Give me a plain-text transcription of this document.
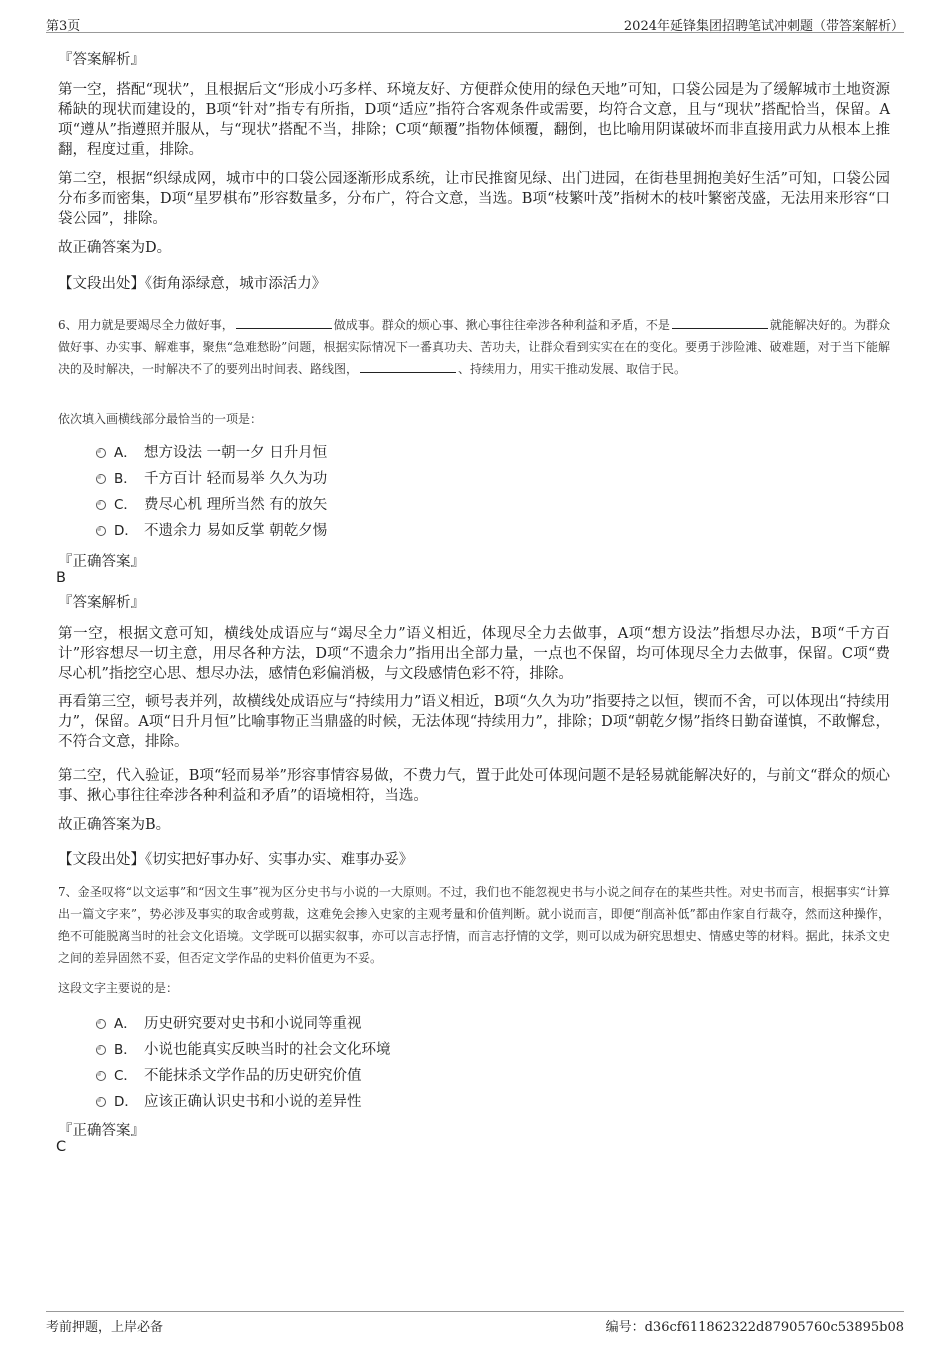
第3页	2024年延锋集团招聘笔试冲刺题（带答案解析）
『答案解析』
第一空，搭配“现状”，且根据后文“形成小巧多样、环境友好、方便群众使用的绿色天地”可知，口袋公园是为了缓解城市土地资源稀缺的现状而建设的，B项“针对”指专有所指，D项“适应”指符合客观条件或需要，均符合文意，且与“现状”搭配恰当，保留。A项“遵从”指遵照并服从，与“现状”搭配不当，排除；C项“颠覆”指物体倾覆，翻倒，也比喻用阴谋破坏而非直接用武力从根本上推翻，程度过重，排除。
第二空，根据“织绿成网，城市中的口袋公园逐渐形成系统，让市民推窗见绿、出门进园，在街巷里拥抱美好生活”可知，口袋公园分布多而密集，D项“星罗棋布”形容数量多，分布广，符合文意，当选。B项“枝繁叶茂”指树木的枝叶繁密茂盛，无法用来形容“口袋公园”，排除。
故正确答案为D。
【文段出处】《街角添绿意，城市添活力》
6、用力就是要竭尽全力做好事，	做成事。群众的烦心事、揪心事往往牵涉各种利益和矛盾，不是	就能解决好的。为群众做好事、办实事、解难事，聚焦“急难愁盼”问题，根据实际情况下一番真功夫、苦功夫，让群众看到实实在在的变化。要勇于涉险滩、破难题，对于当下能解决的及时解决，一时解决不了的要列出时间表、路线图，	、持续用力，用实干推动发展、取信于民。
依次填入画横线部分最恰当的一项是：
A． 想方设法 一朝一夕 日升月恒
B． 千方百计 轻而易举 久久为功
C． 费尽心机 理所当然 有的放矢
D． 不遗余力 易如反掌 朝乾夕惕
『正确答案』
B
『答案解析』
第一空，根据文意可知，横线处成语应与“竭尽全力”语义相近，体现尽全力去做事，A项“想方设法”指想尽办法，B项“千方百计”形容想尽一切主意，用尽各种方法，D项“不遗余力”指用出全部力量，一点也不保留，均可体现尽全力去做事，保留。C项“费尽心机”指挖空心思、想尽办法，感情色彩偏消极，与文段感情色彩不符，排除。
再看第三空，顿号表并列，故横线处成语应与“持续用力”语义相近，B项“久久为功”指要持之以恒，锲而不舍，可以体现出“持续用力”，保留。A项“日升月恒”比喻事物正当鼎盛的时候，无法体现“持续用力”，排除；D项“朝乾夕惕”指终日勤奋谨慎，不敢懈怠，不符合文意，排除。
第二空，代入验证，B项“轻而易举”形容事情容易做，不费力气，置于此处可体现问题不是轻易就能解决好的，与前文“群众的烦心事、揪心事往往牵涉各种利益和矛盾”的语境相符，当选。
故正确答案为B。
【文段出处】《切实把好事办好、实事办实、难事办妥》
7、金圣叹将“以文运事”和“因文生事”视为区分史书与小说的一大原则。不过，我们也不能忽视史书与小说之间存在的某些共性。对史书而言，根据事实“计算出一篇文字来”，势必涉及事实的取舍或剪裁，这难免会掺入史家的主观考量和价值判断。就小说而言，即便“削高补低”都由作家自行裁夺，然而这种操作，绝不可能脱离当时的社会文化语境。文学既可以据实叙事，亦可以言志抒情，而言志抒情的文学，则可以成为研究思想史、情感史等的材料。据此，抹杀文史之间的差异固然不妥，但否定文学作品的史料价值更为不妥。
这段文字主要说的是：
A． 历史研究要对史书和小说同等重视
B． 小说也能真实反映当时的社会文化环境
C． 不能抹杀文学作品的历史研究价值
D． 应该正确认识史书和小说的差异性
『正确答案』
C
考前押题，上岸必备	编号：d36cf611862322d87905760c53895b08
